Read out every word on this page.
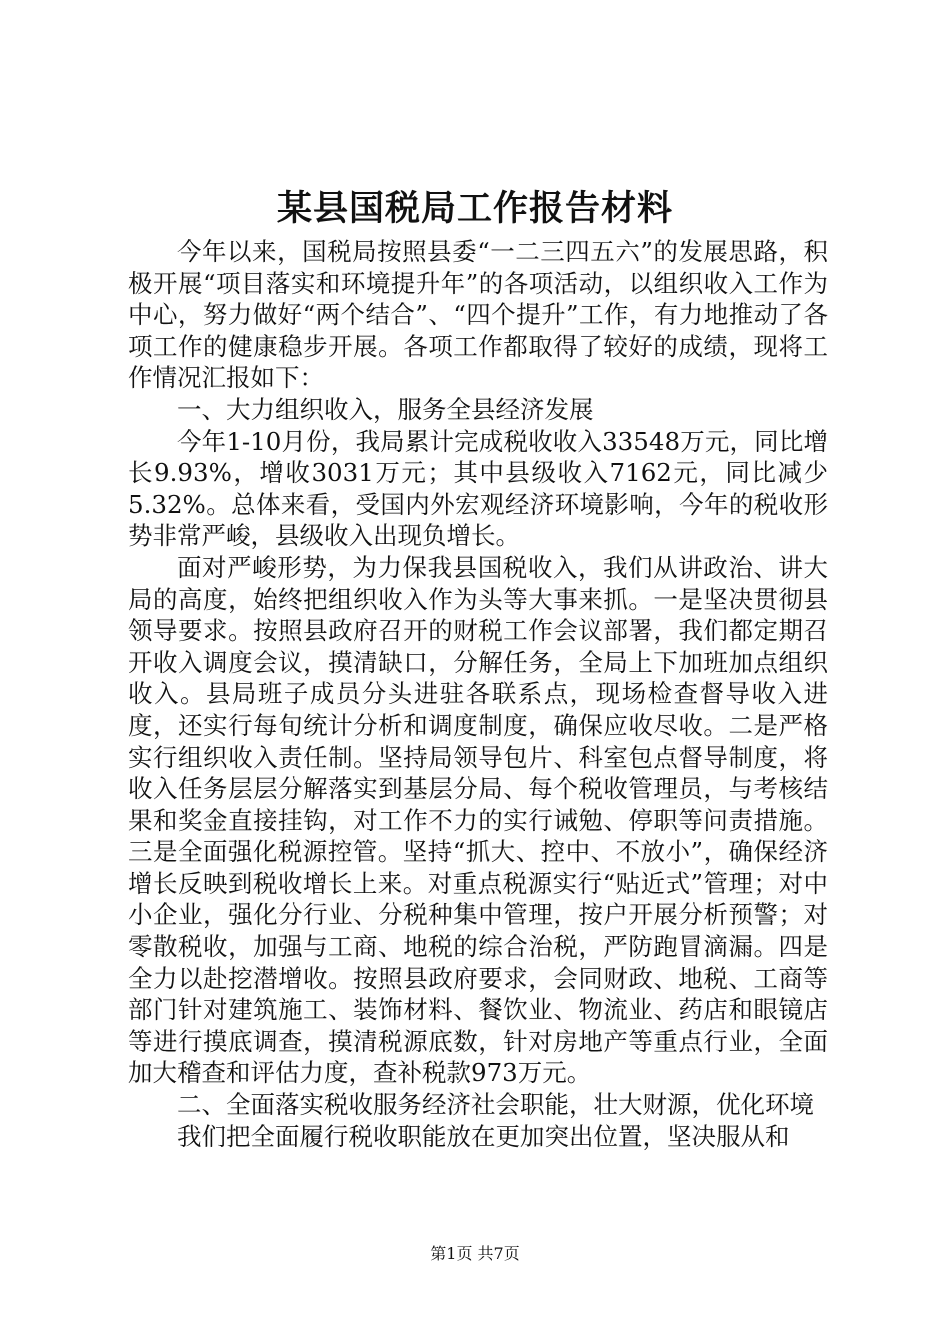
某县国税局工作报告材料

今年以来，国税局按照县委“一二三四五六”的发展思路，积极开展“项目落实和环境提升年”的各项活动，以组织收入工作为中心，努力做好“两个结合”、“四个提升”工作，有力地推动了各项工作的健康稳步开展。各项工作都取得了较好的成绩，现将工作情况汇报如下：

一、大力组织收入，服务全县经济发展

今年1-10月份，我局累计完成税收收入33548万元，同比增长9.93%，增收3031万元；其中县级收入7162元，同比减少5.32%。总体来看，受国内外宏观经济环境影响，今年的税收形势非常严峻，县级收入出现负增长。

面对严峻形势，为力保我县国税收入，我们从讲政治、讲大局的高度，始终把组织收入作为头等大事来抓。一是坚决贯彻县领导要求。按照县政府召开的财税工作会议部署，我们都定期召开收入调度会议，摸清缺口，分解任务，全局上下加班加点组织收入。县局班子成员分头进驻各联系点，现场检查督导收入进度，还实行每旬统计分析和调度制度，确保应收尽收。二是严格实行组织收入责任制。坚持局领导包片、科室包点督导制度，将收入任务层层分解落实到基层分局、每个税收管理员，与考核结果和奖金直接挂钩，对工作不力的实行诫勉、停职等问责措施。三是全面强化税源控管。坚持“抓大、控中、不放小”，确保经济增长反映到税收增长上来。对重点税源实行“贴近式”管理；对中小企业，强化分行业、分税种集中管理，按户开展分析预警；对零散税收，加强与工商、地税的综合治税，严防跑冒滴漏。四是全力以赴挖潜增收。按照县政府要求，会同财政、地税、工商等部门针对建筑施工、装饰材料、餐饮业、物流业、药店和眼镜店等进行摸底调查，摸清税源底数，针对房地产等重点行业，全面加大稽查和评估力度，查补税款973万元。

二、全面落实税收服务经济社会职能，壮大财源，优化环境

我们把全面履行税收职能放在更加突出位置，坚决服从和

第1页 共7页
